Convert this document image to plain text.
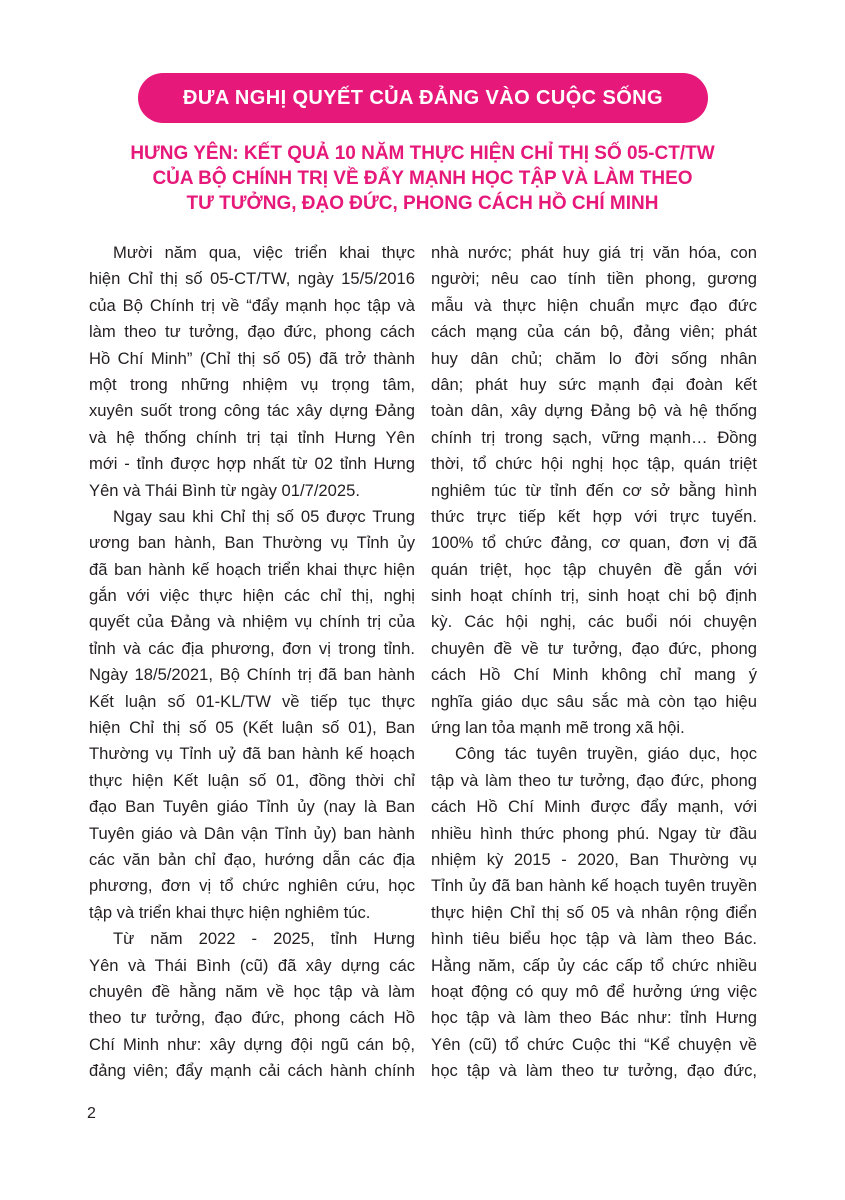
ĐƯA NGHỊ QUYẾT CỦA ĐẢNG VÀO CUỘC SỐNG
HƯNG YÊN: KẾT QUẢ 10 NĂM THỰC HIỆN CHỈ THỊ SỐ 05-CT/TW
CỦA BỘ CHÍNH TRỊ VỀ ĐẨY MẠNH HỌC TẬP VÀ LÀM THEO
TƯ TƯỞNG, ĐẠO ĐỨC, PHONG CÁCH HỒ CHÍ MINH
Mười năm qua, việc triển khai thực
hiện Chỉ thị số 05-CT/TW, ngày 15/5/2016
của Bộ Chính trị về “đẩy mạnh học tập và
làm theo tư tưởng, đạo đức, phong cách
Hồ Chí Minh” (Chỉ thị số 05) đã trở thành
một trong những nhiệm vụ trọng tâm,
xuyên suốt trong công tác xây dựng Đảng
và hệ thống chính trị tại tỉnh Hưng Yên
mới - tỉnh được hợp nhất từ 02 tỉnh Hưng
Yên và Thái Bình từ ngày 01/7/2025.
Ngay sau khi Chỉ thị số 05 được Trung
ương ban hành, Ban Thường vụ Tỉnh ủy
đã ban hành kế hoạch triển khai thực hiện
gắn với việc thực hiện các chỉ thị, nghị
quyết của Đảng và nhiệm vụ chính trị của
tỉnh và các địa phương, đơn vị trong tỉnh.
Ngày 18/5/2021, Bộ Chính trị đã ban hành
Kết luận số 01-KL/TW về tiếp tục thực
hiện Chỉ thị số 05 (Kết luận số 01), Ban
Thường vụ Tỉnh uỷ đã ban hành kế hoạch
thực hiện Kết luận số 01, đồng thời chỉ
đạo Ban Tuyên giáo Tỉnh ủy (nay là Ban
Tuyên giáo và Dân vận Tỉnh ủy) ban hành
các văn bản chỉ đạo, hướng dẫn các địa
phương, đơn vị tổ chức nghiên cứu, học
tập và triển khai thực hiện nghiêm túc.
Từ năm 2022 - 2025, tỉnh Hưng
Yên và Thái Bình (cũ) đã xây dựng các
chuyên đề hằng năm về học tập và làm
theo tư tưởng, đạo đức, phong cách Hồ
Chí Minh như: xây dựng đội ngũ cán bộ,
đảng viên; đẩy mạnh cải cách hành chính
nhà nước; phát huy giá trị văn hóa, con
người; nêu cao tính tiền phong, gương
mẫu và thực hiện chuẩn mực đạo đức
cách mạng của cán bộ, đảng viên; phát
huy dân chủ; chăm lo đời sống nhân
dân; phát huy sức mạnh đại đoàn kết
toàn dân, xây dựng Đảng bộ và hệ thống
chính trị trong sạch, vững mạnh… Đồng
thời, tổ chức hội nghị học tập, quán triệt
nghiêm túc từ tỉnh đến cơ sở bằng hình
thức trực tiếp kết hợp với trực tuyến.
100% tổ chức đảng, cơ quan, đơn vị đã
quán triệt, học tập chuyên đề gắn với
sinh hoạt chính trị, sinh hoạt chi bộ định
kỳ. Các hội nghị, các buổi nói chuyện
chuyên đề về tư tưởng, đạo đức, phong
cách Hồ Chí Minh không chỉ mang ý
nghĩa giáo dục sâu sắc mà còn tạo hiệu
ứng lan tỏa mạnh mẽ trong xã hội.
Công tác tuyên truyền, giáo dục, học
tập và làm theo tư tưởng, đạo đức, phong
cách Hồ Chí Minh được đẩy mạnh, với
nhiều hình thức phong phú. Ngay từ đầu
nhiệm kỳ 2015 - 2020, Ban Thường vụ
Tỉnh ủy đã ban hành kế hoạch tuyên truyền
thực hiện Chỉ thị số 05 và nhân rộng điển
hình tiêu biểu học tập và làm theo Bác.
Hằng năm, cấp ủy các cấp tổ chức nhiều
hoạt động có quy mô để hưởng ứng việc
học tập và làm theo Bác như: tỉnh Hưng
Yên (cũ) tổ chức Cuộc thi “Kể chuyện về
học tập và làm theo tư tưởng, đạo đức,
2
